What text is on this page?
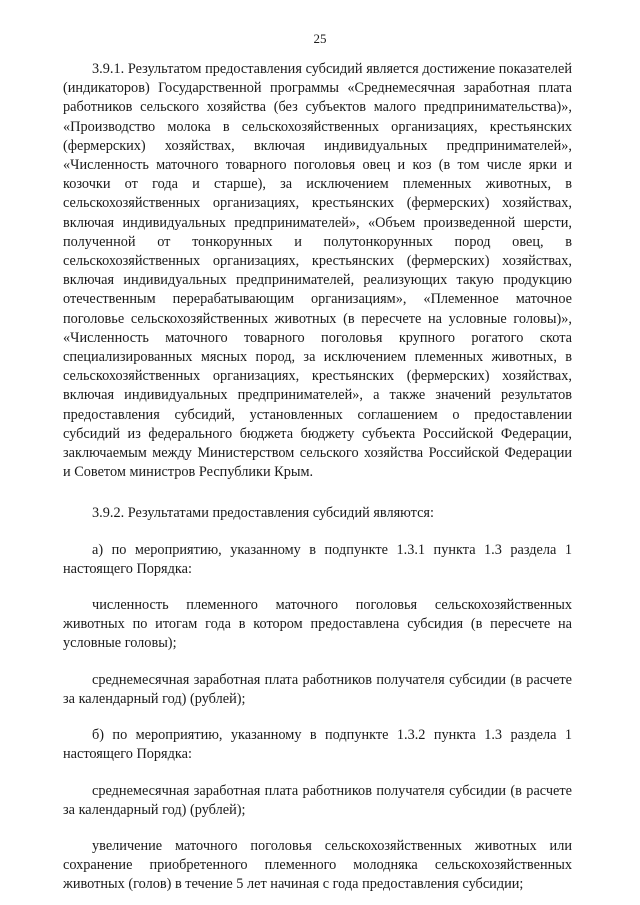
25

3.9.1. Результатом предоставления субсидий является достижение показателей (индикаторов) Государственной программы «Среднемесячная заработная плата работников сельского хозяйства (без субъектов малого предпринимательства)», «Производство молока в сельскохозяйственных организациях, крестьянских (фермерских) хозяйствах, включая индивидуальных предпринимателей», «Численность маточного товарного поголовья овец и коз (в том числе ярки и козочки от года и старше), за исключением племенных животных, в сельскохозяйственных организациях, крестьянских (фермерских) хозяйствах, включая индивидуальных предпринимателей», «Объем произведенной шерсти, полученной от тонкорунных и полутонкорунных пород овец, в сельскохозяйственных организациях, крестьянских (фермерских) хозяйствах, включая индивидуальных предпринимателей, реализующих такую продукцию отечественным перерабатывающим организациям», «Племенное маточное поголовье сельскохозяйственных животных (в пересчете на условные головы)», «Численность маточного товарного поголовья крупного рогатого скота специализированных мясных пород, за исключением племенных животных, в сельскохозяйственных организациях, крестьянских (фермерских) хозяйствах, включая индивидуальных предпринимателей», а также значений результатов предоставления субсидий, установленных соглашением о предоставлении субсидий из федерального бюджета бюджету субъекта Российской Федерации, заключаемым между Министерством сельского хозяйства Российской Федерации и Советом министров Республики Крым.

3.9.2. Результатами предоставления субсидий являются:

а) по мероприятию, указанному в подпункте 1.3.1 пункта 1.3 раздела 1 настоящего Порядка:

численность племенного маточного поголовья сельскохозяйственных животных по итогам года в котором предоставлена субсидия (в пересчете на условные головы);

среднемесячная заработная плата работников получателя субсидии (в расчете за календарный год) (рублей);

б) по мероприятию, указанному в подпункте 1.3.2 пункта 1.3 раздела 1 настоящего Порядка:

среднемесячная заработная плата работников получателя субсидии (в расчете за календарный год) (рублей);

увеличение маточного поголовья сельскохозяйственных животных или сохранение приобретенного племенного молодняка сельскохозяйственных животных (голов) в течение 5 лет начиная с года предоставления субсидии;
